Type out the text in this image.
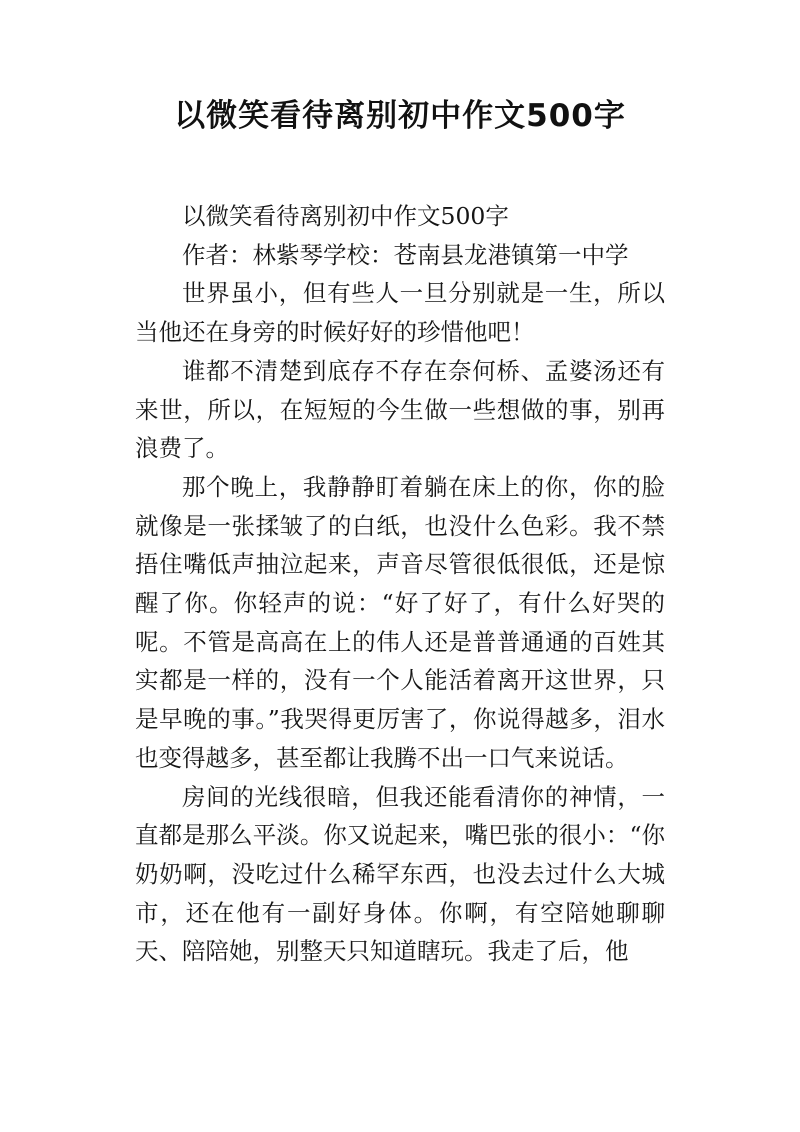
以微笑看待离别初中作文500字

以微笑看待离别初中作文500字

作者：林紫琴学校：苍南县龙港镇第一中学

世界虽小，但有些人一旦分别就是一生，所以当他还在身旁的时候好好的珍惜他吧！

谁都不清楚到底存不存在奈何桥、孟婆汤还有来世，所以，在短短的今生做一些想做的事，别再浪费了。

那个晚上，我静静盯着躺在床上的你，你的脸就像是一张揉皱了的白纸，也没什么色彩。我不禁捂住嘴低声抽泣起来，声音尽管很低很低，还是惊醒了你。你轻声的说：“好了好了，有什么好哭的呢。不管是高高在上的伟人还是普普通通的百姓其实都是一样的，没有一个人能活着离开这世界，只是早晚的事。”我哭得更厉害了，你说得越多，泪水也变得越多，甚至都让我腾不出一口气来说话。

房间的光线很暗，但我还能看清你的神情，一直都是那么平淡。你又说起来，嘴巴张的很小：“你奶奶啊，没吃过什么稀罕东西，也没去过什么大城市，还在他有一副好身体。你啊，有空陪她聊聊天、陪陪她，别整天只知道瞎玩。我走了后，他
